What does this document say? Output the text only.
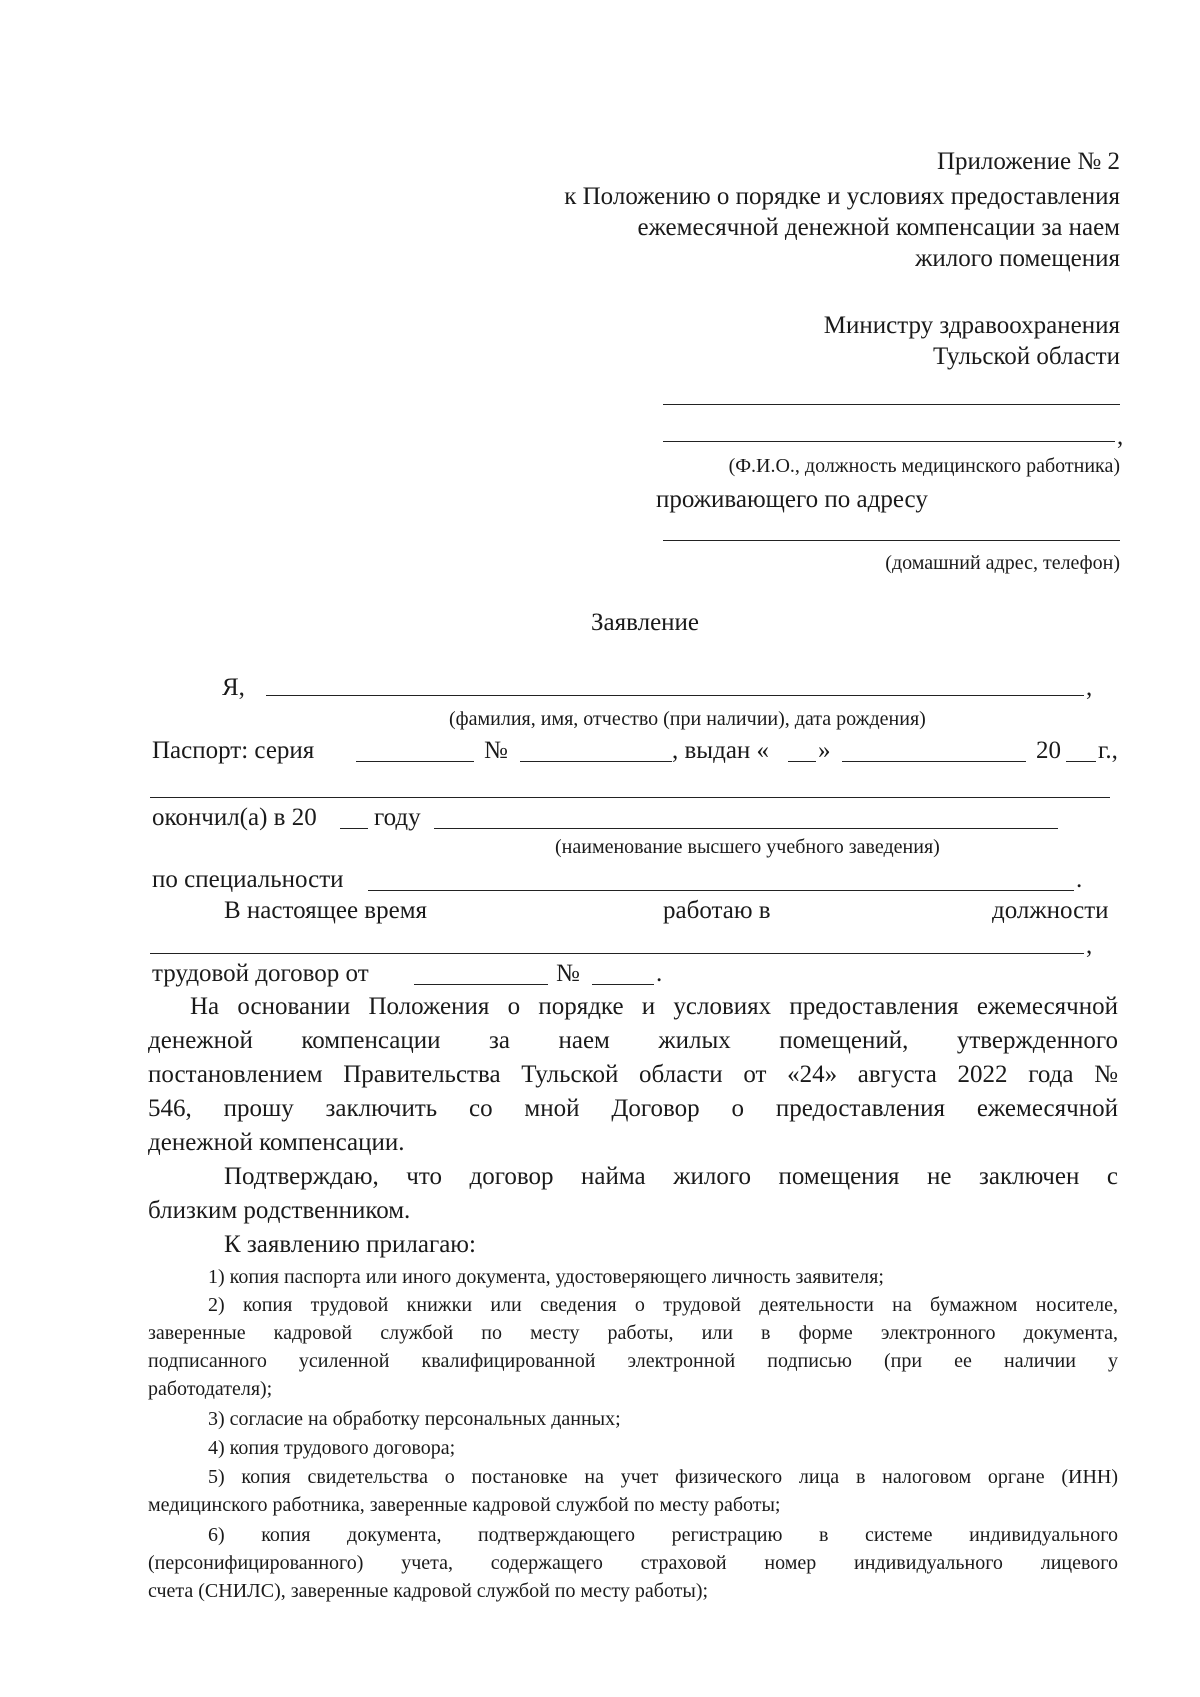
Приложение № 2
к Положению о порядке и условиях предоставления
ежемесячной денежной компенсации за наем
жилого помещения
Министру здравоохранения
Тульской области
,
(Ф.И.О., должность медицинского работника)
проживающего по адресу
(домашний адрес, телефон)
Заявление
Я,	,
(фамилия, имя, отчество (при наличии), дата рождения)
Паспорт: серия	№	, выдан « »	20 г.,
окончил(а) в 20 году
(наименование высшего учебного заведения)
по специальности	.
В настоящее время	работаю в	должности
,
трудовой договор от	№	.
На основании Положения о порядке и условиях предоставления ежемесячной
денежной компенсации за наем жилых помещений, утвержденного
постановлением Правительства Тульской области от «24» августа 2022 года №
546, прошу заключить со мной Договор о предоставления ежемесячной
денежной компенсации.
Подтверждаю, что договор найма жилого помещения не заключен с
близким родственником.
К заявлению прилагаю:
1) копия паспорта или иного документа, удостоверяющего личность заявителя;
2) копия трудовой книжки или сведения о трудовой деятельности на бумажном носителе,
заверенные кадровой службой по месту работы, или в форме электронного документа,
подписанного усиленной квалифицированной электронной подписью (при ее наличии у
работодателя);
3) согласие на обработку персональных данных;
4) копия трудового договора;
5) копия свидетельства о постановке на учет физического лица в налоговом органе (ИНН)
медицинского работника, заверенные кадровой службой по месту работы;
6) копия документа, подтверждающего регистрацию в системе индивидуального
(персонифицированного) учета, содержащего страховой номер индивидуального лицевого
счета (СНИЛС), заверенные кадровой службой по месту работы);
